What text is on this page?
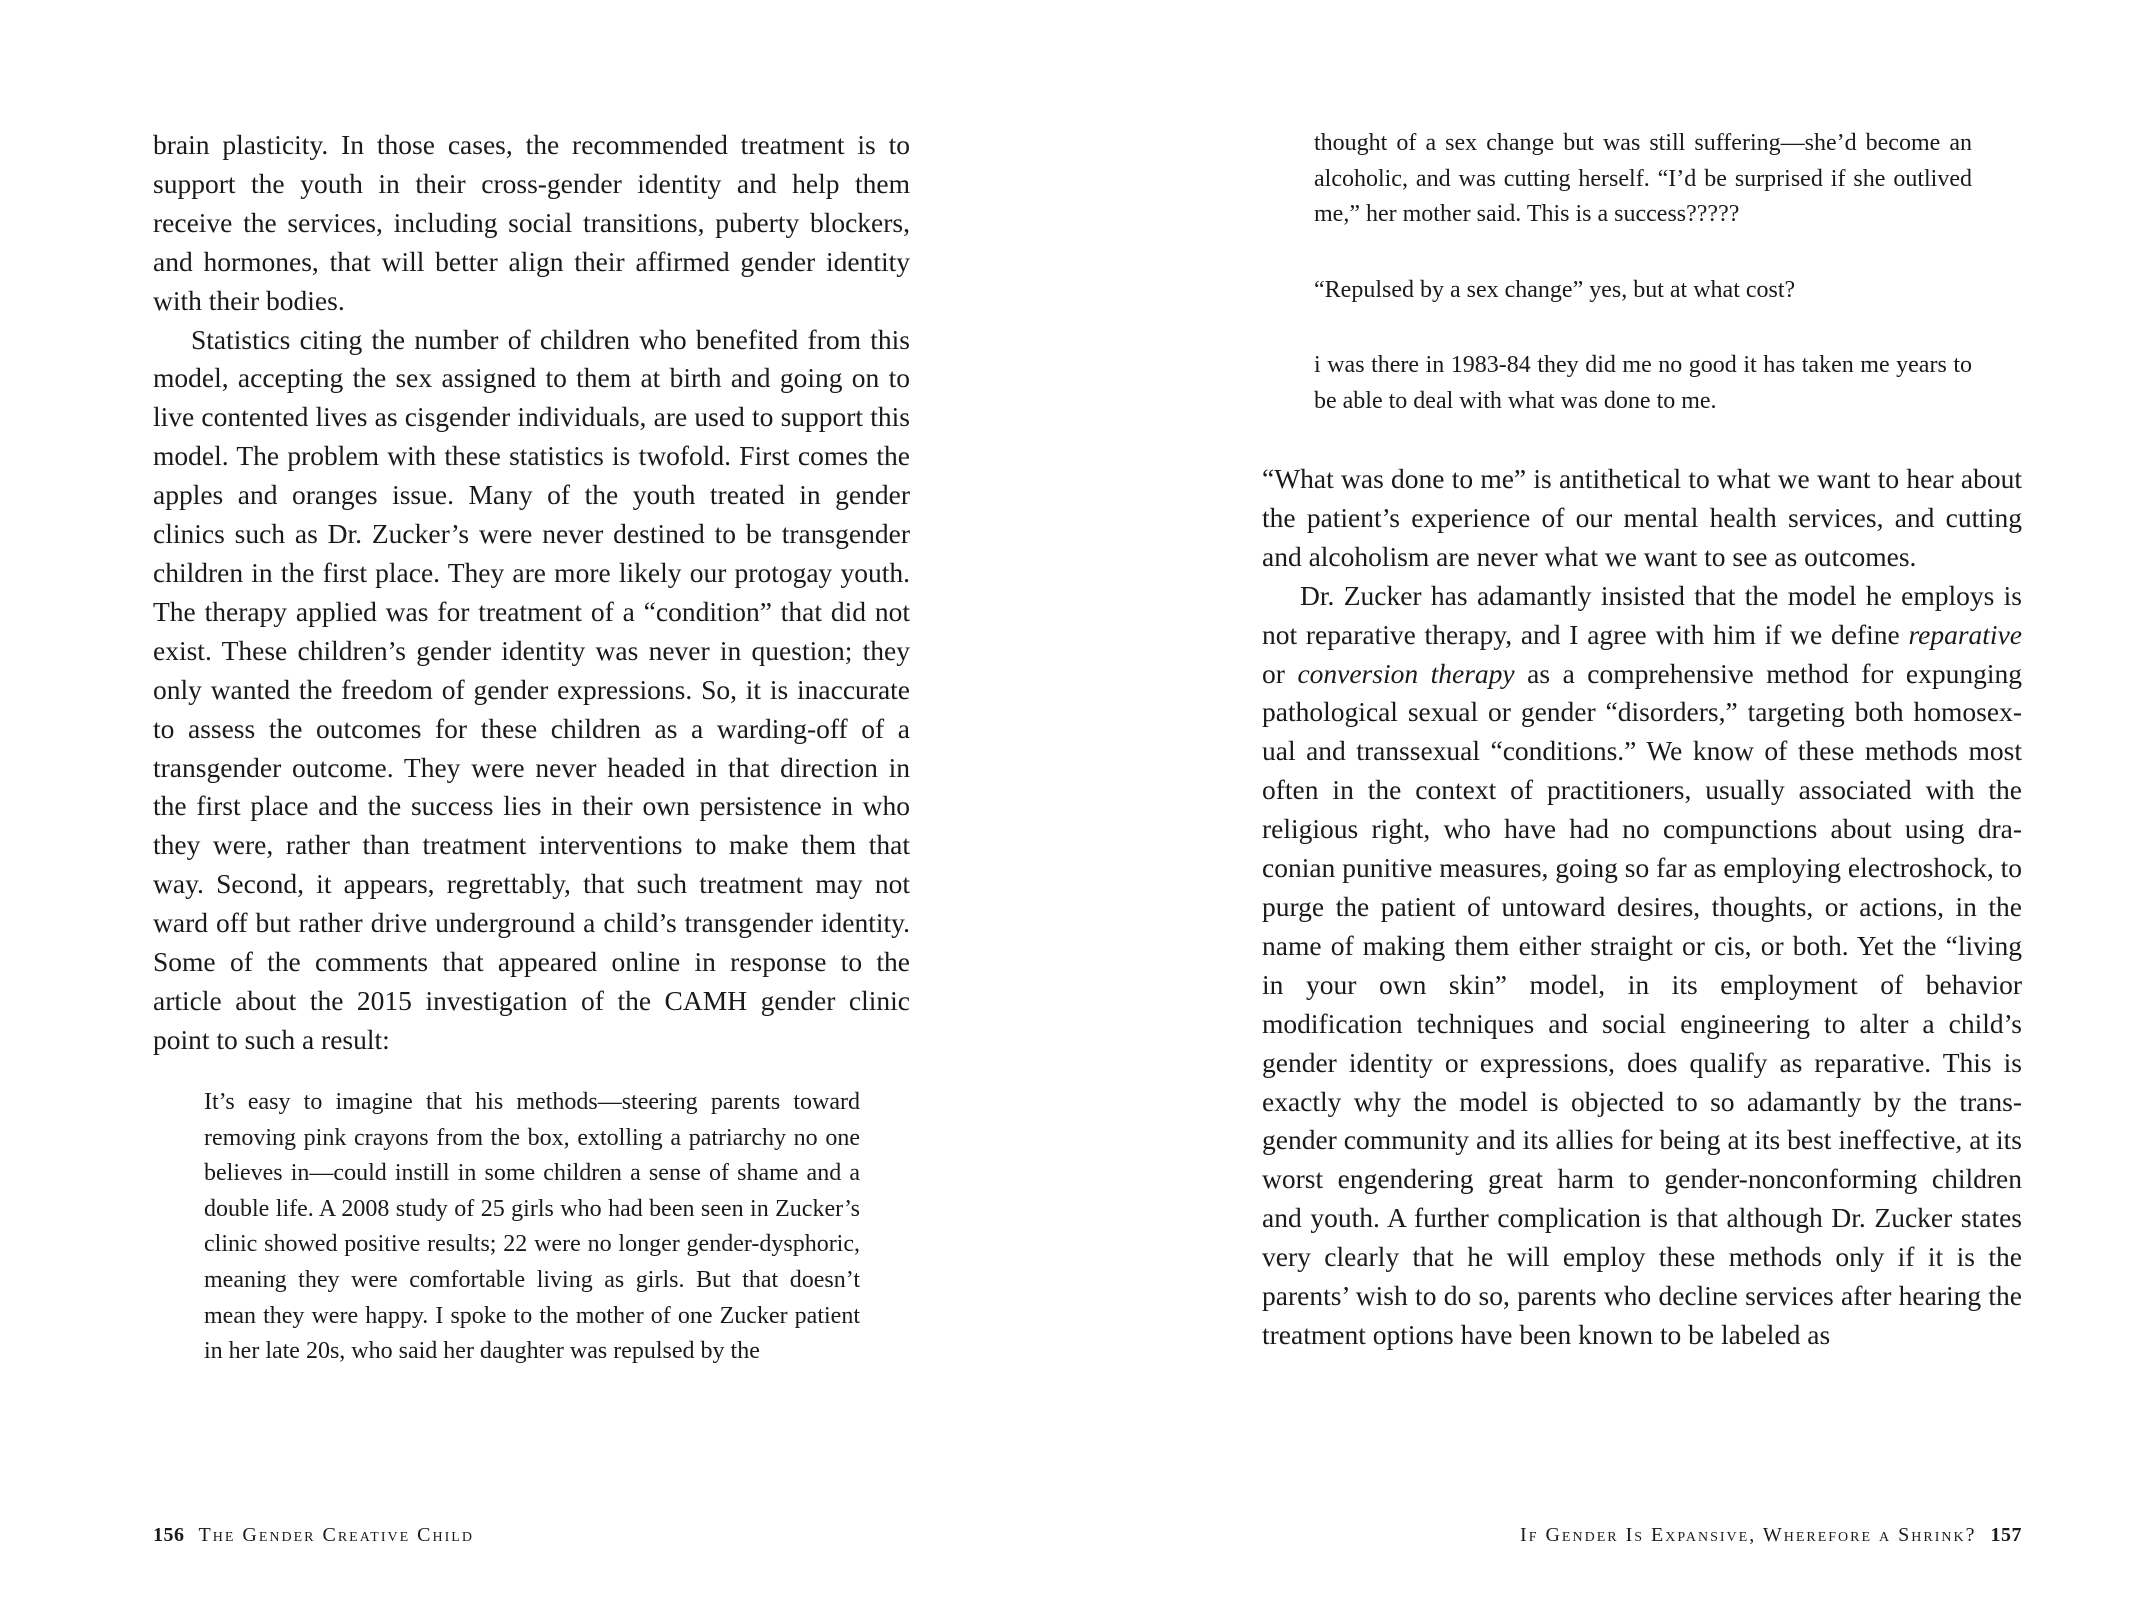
brain plasticity. In those cases, the recommended treatment is to support the youth in their cross-gender identity and help them receive the services, including social transitions, puberty blockers, and hormones, that will better align their affirmed gender identity with their bodies.

Statistics citing the number of children who benefited from this model, accepting the sex assigned to them at birth and going on to live contented lives as cisgender individuals, are used to support this model. The problem with these statistics is twofold. First comes the apples and oranges issue. Many of the youth treated in gender clinics such as Dr. Zucker’s were never destined to be transgender children in the first place. They are more likely our protogay youth. The therapy applied was for treatment of a “condition” that did not exist. These children’s gender identity was never in question; they only wanted the freedom of gender expressions. So, it is inaccurate to assess the outcomes for these children as a warding-off of a transgender outcome. They were never headed in that direction in the first place and the success lies in their own persistence in who they were, rather than treatment interventions to make them that way. Second, it appears, regrettably, that such treatment may not ward off but rather drive underground a child’s transgender identity. Some of the comments that appeared online in response to the article about the 2015 investigation of the CAMH gender clinic point to such a result:

It’s easy to imagine that his methods—steering parents toward removing pink crayons from the box, extolling a patriarchy no one believes in—could instill in some children a sense of shame and a double life. A 2008 study of 25 girls who had been seen in Zucker’s clinic showed positive results; 22 were no longer gender-dysphoric, meaning they were comfortable living as girls. But that doesn’t mean they were happy. I spoke to the mother of one Zucker patient in her late 20s, who said her daughter was repulsed by the

156 The Gender Creative Child

thought of a sex change but was still suffering—she’d become an alcoholic, and was cutting herself. “I’d be surprised if she outlived me,” her mother said. This is a success?????

“Repulsed by a sex change” yes, but at what cost?

i was there in 1983-84 they did me no good it has taken me years to be able to deal with what was done to me.

“What was done to me” is antithetical to what we want to hear about the patient’s experience of our mental health services, and cutting and alcoholism are never what we want to see as outcomes.

Dr. Zucker has adamantly insisted that the model he employs is not reparative therapy, and I agree with him if we define reparative or conversion therapy as a comprehensive method for expunging pathological sexual or gender “disorders,” targeting both homosexual and transsexual “conditions.” We know of these methods most often in the context of practitioners, usually associated with the religious right, who have had no compunctions about using draconian punitive measures, going so far as employing electroshock, to purge the patient of untoward desires, thoughts, or actions, in the name of making them either straight or cis, or both. Yet the “living in your own skin” model, in its employment of behavior modification techniques and social engineering to alter a child’s gender identity or expressions, does qualify as reparative. This is exactly why the model is objected to so adamantly by the transgender community and its allies for being at its best ineffective, at its worst engendering great harm to gender-nonconforming children and youth. A further complication is that although Dr. Zucker states very clearly that he will employ these methods only if it is the parents’ wish to do so, parents who decline services after hearing the treatment options have been known to be labeled as

If Gender Is Expansive, Wherefore a Shrink? 157
